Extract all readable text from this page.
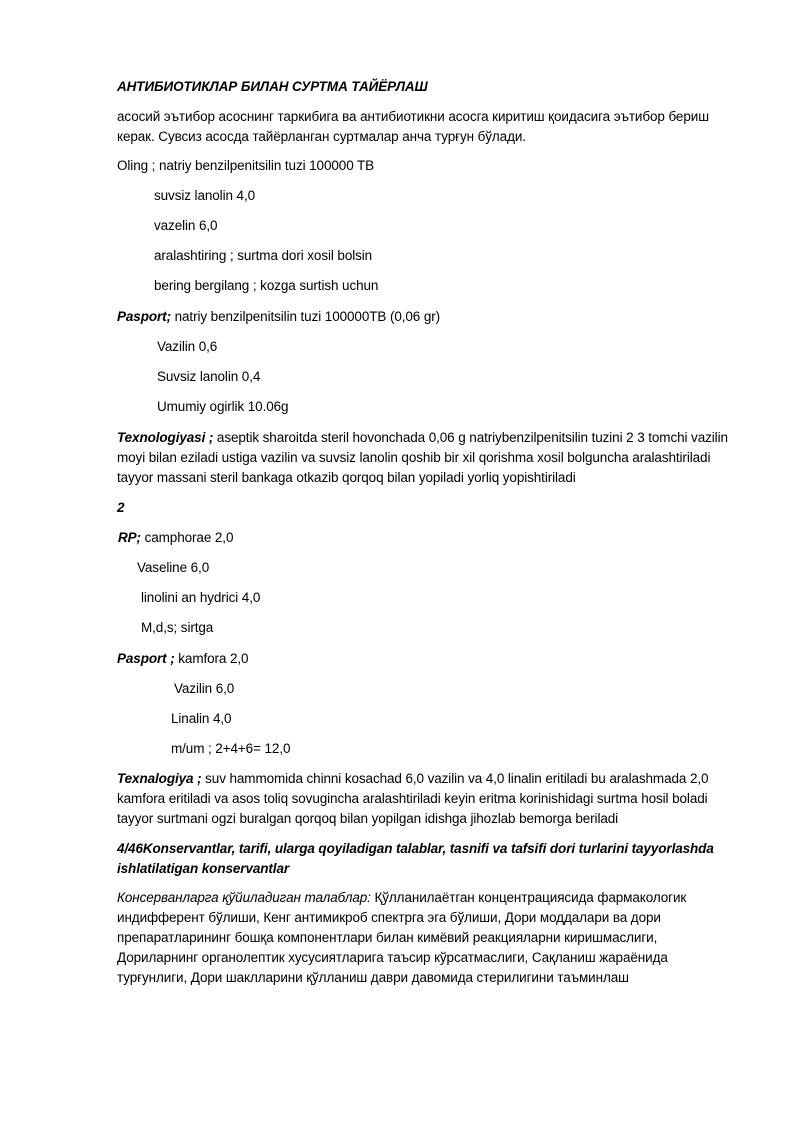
АНТИБИОТИКЛАР БИЛАН СУРТМА ТАЙЁРЛАШ
асосий эътибор асоснинг таркибига ва антибиотикни асосга киритиш қоидасига эътибор бериш
керак. Сувсиз асосда тайёрланган суртмалар анча турғун бўлади.
Oling ; natriy benzilpenitsilin tuzi 100000 TB
suvsiz lanolin 4,0
vazelin 6,0
aralashtiring ; surtma dori xosil bolsin
bering bergilang ; kozga surtish uchun
Pasport; natriy benzilpenitsilin tuzi 100000TB (0,06 gr)
Vazilin 0,6
Suvsiz lanolin 0,4
Umumiy ogirlik 10.06g
Texnologiyasi ; aseptik sharoitda steril hovonchada 0,06 g natriybenzilpenitsilin tuzini 2 3 tomchi vazilin
moyi bilan eziladi ustiga vazilin va suvsiz lanolin qoshib bir xil qorishma xosil bolguncha aralashtiriladi
tayyor massani steril bankaga otkazib qorqoq bilan yopiladi yorliq yopishtiriladi
2
RP; camphorae 2,0
Vaseline 6,0
linolini an hydrici 4,0
M,d,s; sirtga
Pasport ; kamfora 2,0
Vazilin 6,0
Linalin 4,0
m/um ; 2+4+6= 12,0
Texnalogiya ; suv hammomida chinni kosachad 6,0 vazilin va 4,0 linalin eritiladi bu aralashmada 2,0
kamfora eritiladi va asos toliq sovugincha aralashtiriladi keyin eritma korinishidagi surtma hosil boladi
tayyor surtmani ogzi buralgan qorqoq bilan yopilgan idishga jihozlab bemorga beriladi
4/46Konservantlar, tarifi, ularga qoyiladigan talablar, tasnifi va tafsifi dori turlarini tayyorlashda
ishlatilatigan konservantlar
Консерванларга қўйиладиган талаблар: Қўлланилаётган концентрациясида фармакологик
индифферент бўлиши, Кенг антимикроб спектрга эга бўлиши, Дори моддалари ва дори
препаратларининг бошқа компонентлари билан кимёвий реакцияларни киришмаслиги,
Дориларнинг органолептик хусусиятларига таъсир кўрсатмаслиги, Сақланиш жараёнида
турғунлиги, Дори шаклларини қўлланиш даври давомида стерилигини таъминлаш
